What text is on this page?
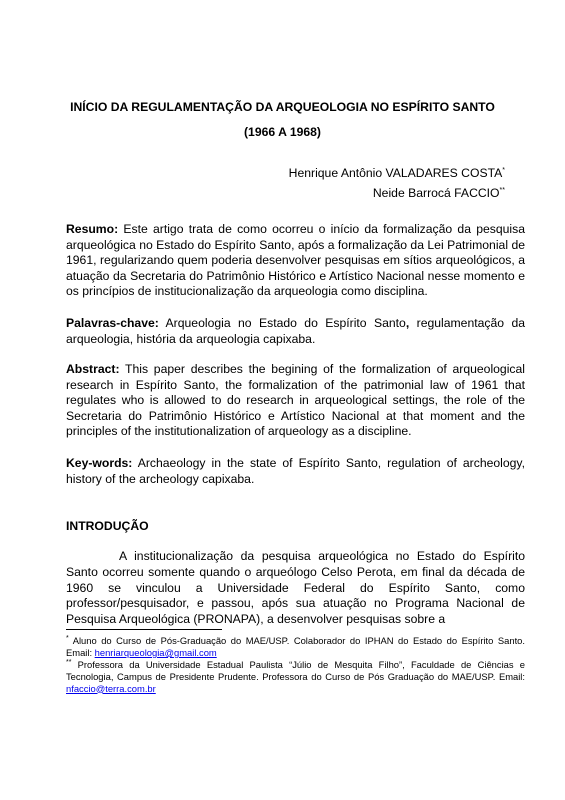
INÍCIO DA REGULAMENTAÇÃO DA ARQUEOLOGIA NO ESPÍRITO SANTO (1966 A 1968)
Henrique Antônio VALADARES COSTA*
Neide Barrocá FACCIO**
Resumo: Este artigo trata de como ocorreu o início da formalização da pesquisa arqueológica no Estado do Espírito Santo, após a formalização da Lei Patrimonial de 1961, regularizando quem poderia desenvolver pesquisas em sítios arqueológicos, a atuação da Secretaria do Patrimônio Histórico e Artístico Nacional nesse momento e os princípios de institucionalização da arqueologia como disciplina.
Palavras-chave: Arqueologia no Estado do Espírito Santo, regulamentação da arqueologia, história da arqueologia capixaba.
Abstract: This paper describes the begining of the formalization of arqueological research in Espírito Santo, the formalization of the patrimonial law of 1961 that regulates who is allowed to do research in arqueological settings, the role of the Secretaria do Patrimônio Histórico e Artístico Nacional at that moment and the principles of the institutionalization of arqueology as a discipline.
Key-words: Archaeology in the state of Espírito Santo, regulation of archeology, history of the archeology capixaba.
INTRODUÇÃO
A institucionalização da pesquisa arqueológica no Estado do Espírito Santo ocorreu somente quando o arqueólogo Celso Perota, em final da década de 1960 se vinculou a Universidade Federal do Espírito Santo, como professor/pesquisador, e passou, após sua atuação no Programa Nacional de Pesquisa Arqueológica (PRONAPA), a desenvolver pesquisas sobre a
* Aluno do Curso de Pós-Graduação do MAE/USP. Colaborador do IPHAN do Estado do Espírito Santo. Email: henriarqueologia@gmail.com
** Professora da Universidade Estadual Paulista “Júlio de Mesquita Filho”, Faculdade de Ciências e Tecnologia, Campus de Presidente Prudente. Professora do Curso de Pós Graduação do MAE/USP. Email: nfaccio@terra.com.br
